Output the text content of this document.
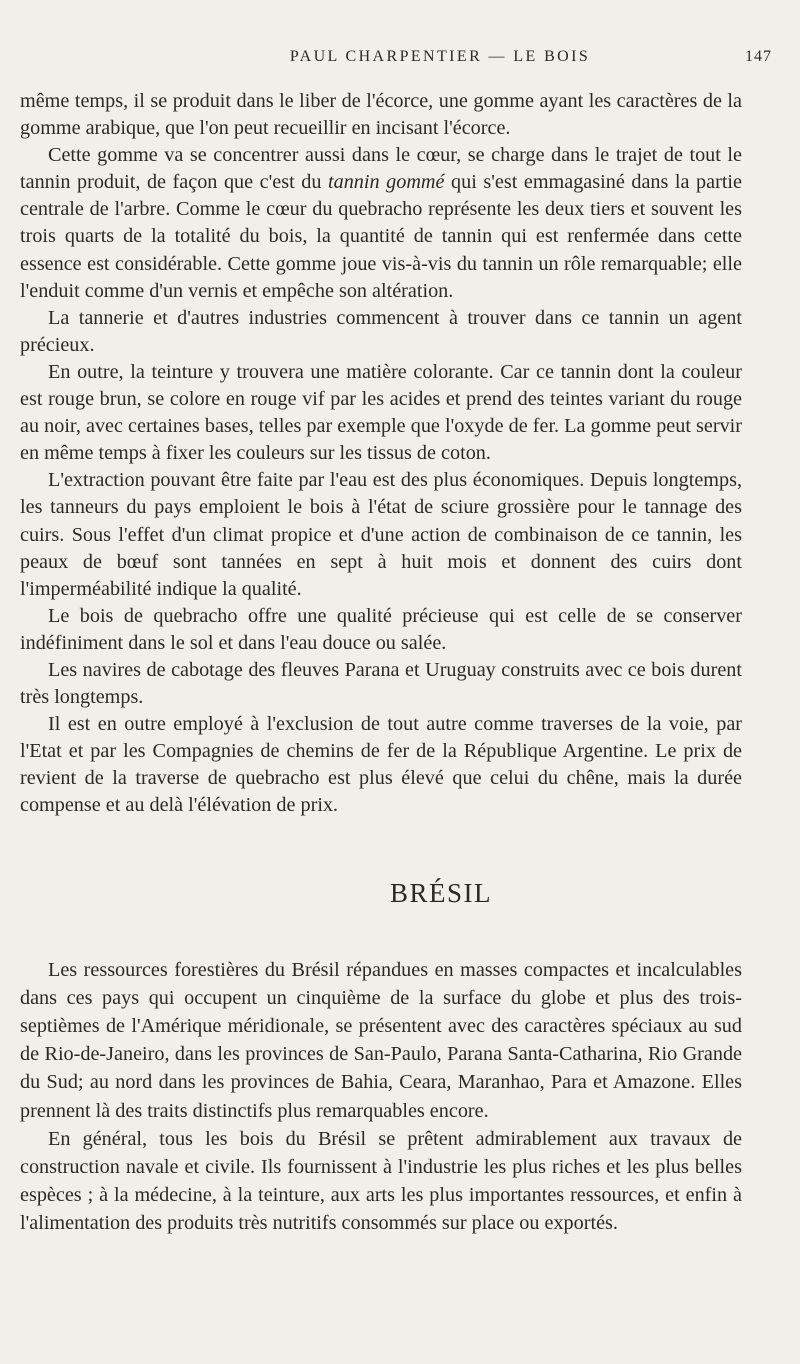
PAUL CHARPENTIER — LE BOIS	147

même temps, il se produit dans le liber de l'écorce, une gomme ayant les caractères de la gomme arabique, que l'on peut recueillir en incisant l'écorce.

Cette gomme va se concentrer aussi dans le cœur, se charge dans le trajet de tout le tannin produit, de façon que c'est du tannin gommé qui s'est emmagasiné dans la partie centrale de l'arbre. Comme le cœur du quebracho représente les deux tiers et souvent les trois quarts de la totalité du bois, la quantité de tannin qui est renfermée dans cette essence est considérable. Cette gomme joue vis-à-vis du tannin un rôle remarquable; elle l'enduit comme d'un vernis et empêche son altération.

La tannerie et d'autres industries commencent à trouver dans ce tannin un agent précieux.

En outre, la teinture y trouvera une matière colorante. Car ce tannin dont la couleur est rouge brun, se colore en rouge vif par les acides et prend des teintes variant du rouge au noir, avec certaines bases, telles par exemple que l'oxyde de fer. La gomme peut servir en même temps à fixer les couleurs sur les tissus de coton.

L'extraction pouvant être faite par l'eau est des plus économiques. Depuis longtemps, les tanneurs du pays emploient le bois à l'état de sciure grossière pour le tannage des cuirs. Sous l'effet d'un climat propice et d'une action de combinaison de ce tannin, les peaux de bœuf sont tannées en sept à huit mois et donnent des cuirs dont l'imperméabilité indique la qualité.

Le bois de quebracho offre une qualité précieuse qui est celle de se conserver indéfiniment dans le sol et dans l'eau douce ou salée.

Les navires de cabotage des fleuves Parana et Uruguay construits avec ce bois durent très longtemps.

Il est en outre employé à l'exclusion de tout autre comme traverses de la voie, par l'Etat et par les Compagnies de chemins de fer de la République Argentine. Le prix de revient de la traverse de quebracho est plus élevé que celui du chêne, mais la durée compense et au delà l'élévation de prix.

BRÉSIL

Les ressources forestières du Brésil répandues en masses compactes et incalculables dans ces pays qui occupent un cinquième de la surface du globe et plus des trois-septièmes de l'Amérique méridionale, se présentent avec des caractères spéciaux au sud de Rio-de-Janeiro, dans les provinces de San-Paulo, Parana Santa-Catharina, Rio Grande du Sud; au nord dans les provinces de Bahia, Ceara, Maranhao, Para et Amazone. Elles prennent là des traits distinctifs plus remarquables encore.

En général, tous les bois du Brésil se prêtent admirablement aux travaux de construction navale et civile. Ils fournissent à l'industrie les plus riches et les plus belles espèces ; à la médecine, à la teinture, aux arts les plus importantes ressources, et enfin à l'alimentation des produits très nutritifs consommés sur place ou exportés.
